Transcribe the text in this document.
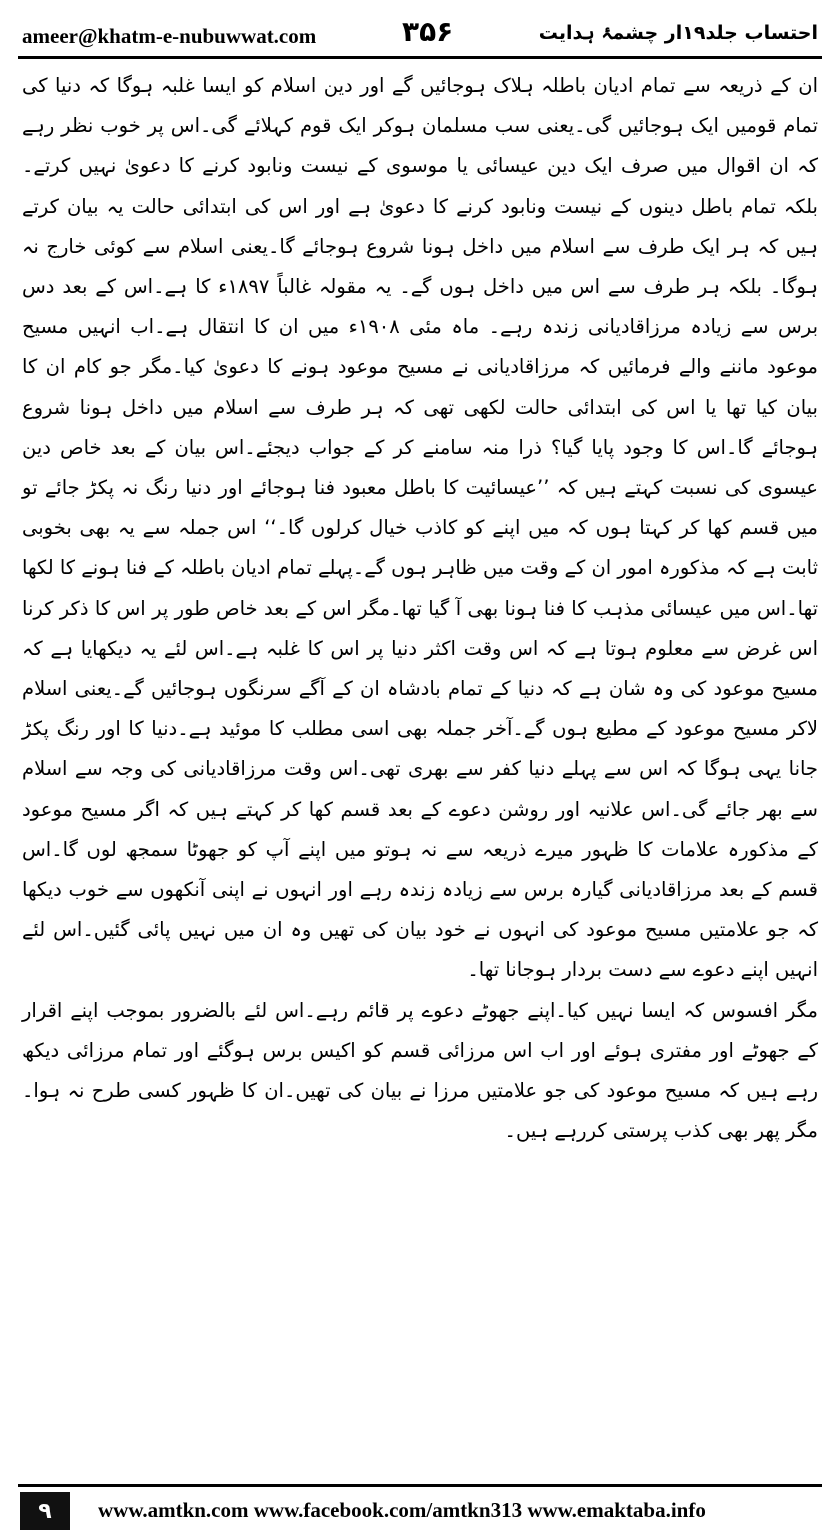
ameer@khatm-e-nubuwwat.com	۳۵۶	احتساب جلد۱۹ار چشمۂ ہدایت

ان کے ذریعہ سے تمام ادیان باطلہ ہلاک ہوجائیں گے اور دین اسلام کو ایسا غلبہ ہوگا کہ دنیا کی تمام قومیں ایک ہوجائیں گی۔یعنی سب مسلمان ہوکر ایک قوم کہلائے گی۔اس پر خوب نظر رہے کہ ان اقوال میں صرف ایک دین عیسائی یا موسوی کے نیست ونابود کرنے کا دعویٰ نہیں کرتے۔ بلکہ تمام باطل دینوں کے نیست ونابود کرنے کا دعویٰ ہے اور اس کی ابتدائی حالت یہ بیان کرتے ہیں کہ ہر ایک طرف سے اسلام میں داخل ہونا شروع ہوجائے گا۔یعنی اسلام سے کوئی خارج نہ ہوگا۔ بلکہ ہر طرف سے اس میں داخل ہوں گے۔ یہ مقولہ غالباً ۱۸۹۷ء کا ہے۔اس کے بعد دس برس سے زیادہ مرزاقادیانی زندہ رہے۔ ماہ مئی ۱۹۰۸ء میں ان کا انتقال ہے۔اب انہیں مسیح موعود ماننے والے فرمائیں کہ مرزاقادیانی نے مسیح موعود ہونے کا دعویٰ کیا۔مگر جو کام ان کا بیان کیا تھا یا اس کی ابتدائی حالت لکھی تھی کہ ہر طرف سے اسلام میں داخل ہونا شروع ہوجائے گا۔اس کا وجود پایا گیا؟ ذرا منہ سامنے کر کے جواب دیجئے۔اس بیان کے بعد خاص دین عیسوی کی نسبت کہتے ہیں کہ ’’عیسائیت کا باطل معبود فنا ہوجائے اور دنیا رنگ نہ پکڑ جائے تو میں قسم کھا کر کہتا ہوں کہ میں اپنے کو کاذب خیال کرلوں گا۔‘‘ اس جملہ سے یہ بھی بخوبی ثابت ہے کہ مذکورہ امور ان کے وقت میں ظاہر ہوں گے۔پہلے تمام ادیان باطلہ کے فنا ہونے کا لکھا تھا۔اس میں عیسائی مذہب کا فنا ہونا بھی آ گیا تھا۔مگر اس کے بعد خاص طور پر اس کا ذکر کرنا اس غرض سے معلوم ہوتا ہے کہ اس وقت اکثر دنیا پر اس کا غلبہ ہے۔اس لئے یہ دیکھایا ہے کہ مسیح موعود کی وہ شان ہے کہ دنیا کے تمام بادشاہ ان کے آگے سرنگوں ہوجائیں گے۔یعنی اسلام لاکر مسیح موعود کے مطیع ہوں گے۔آخر جملہ بھی اسی مطلب کا موئید ہے۔دنیا کا اور رنگ پکڑ جانا یہی ہوگا کہ اس سے پہلے دنیا کفر سے بھری تھی۔اس وقت مرزاقادیانی کی وجہ سے اسلام سے بھر جائے گی۔اس علانیہ اور روشن دعوے کے بعد قسم کھا کر کہتے ہیں کہ اگر مسیح موعود کے مذکورہ علامات کا ظہور میرے ذریعہ سے نہ ہوتو میں اپنے آپ کو جھوٹا سمجھ لوں گا۔اس قسم کے بعد مرزاقادیانی گیارہ برس سے زیادہ زندہ رہے اور انہوں نے اپنی آنکھوں سے خوب دیکھا کہ جو علامتیں مسیح موعود کی انہوں نے خود بیان کی تھیں وہ ان میں نہیں پائی گئیں۔اس لئے انہیں اپنے دعوے سے دست بردار ہوجانا تھا۔

مگر افسوس کہ ایسا نہیں کیا۔اپنے جھوٹے دعوے پر قائم رہے۔اس لئے بالضرور بموجب اپنے اقرار کے جھوٹے اور مفتری ہوئے اور اب اس مرزائی قسم کو اکیس برس ہوگئے اور تمام مرزائی دیکھ رہے ہیں کہ مسیح موعود کی جو علامتیں مرزا نے بیان کی تھیں۔ان کا ظہور کسی طرح نہ ہوا۔مگر پھر بھی کذب پرستی کررہے ہیں۔

۹	www.amtkn.com www.facebook.com/amtkn313 www.emaktaba.info
